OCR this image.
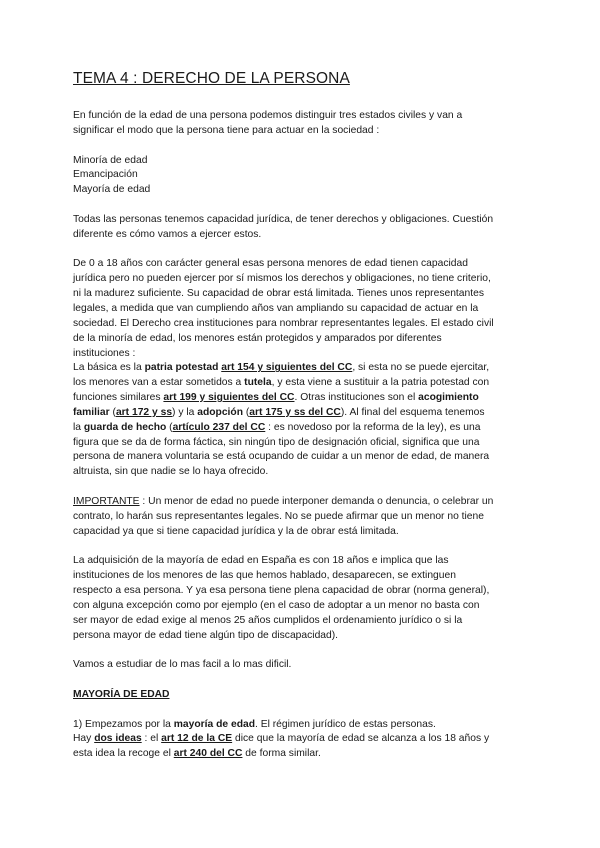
TEMA 4 : DERECHO DE LA PERSONA

En función de la edad de una persona podemos distinguir tres estados civiles y van a

significar el modo que la persona tiene para actuar en la sociedad :

Minoría de edad

Emancipación

Mayoría de edad

Todas las personas tenemos capacidad jurídica, de tener derechos y obligaciones. Cuestión

diferente es cómo vamos a ejercer estos.

De 0 a 18 años con carácter general esas persona menores de edad tienen capacidad

jurídica pero no pueden ejercer por sí mismos los derechos y obligaciones, no tiene criterio,

ni la madurez suficiente. Su capacidad de obrar está limitada. Tienes unos representantes

legales, a medida que van cumpliendo años van ampliando su capacidad de actuar en la

sociedad. El Derecho crea instituciones para nombrar representantes legales. El estado civil

de la minoría de edad, los menores están protegidos y amparados por diferentes

instituciones :

La básica es la patria potestad art 154 y siguientes del CC, si esta no se puede ejercitar,

los menores van a estar sometidos a tutela, y esta viene a sustituir a la patria potestad con

funciones similares art 199 y siguientes del CC. Otras instituciones son el acogimiento

familiar (art 172 y ss) y la adopción (art 175 y ss del CC). Al final del esquema tenemos

la guarda de hecho (artículo 237 del CC : es novedoso por la reforma de la ley), es una

figura que se da de forma fáctica, sin ningún tipo de designación oficial, significa que una

persona de manera voluntaria se está ocupando de cuidar a un menor de edad, de manera

altruista, sin que nadie se lo haya ofrecido.

IMPORTANTE : Un menor de edad no puede interponer demanda o denuncia, o celebrar un

contrato, lo harán sus representantes legales. No se puede afirmar que un menor no tiene

capacidad ya que si tiene capacidad jurídica y la de obrar está limitada.

La adquisición de la mayoría de edad en España es con 18 años e implica que las

instituciones de los menores de las que hemos hablado, desaparecen, se extinguen

respecto a esa persona. Y ya esa persona tiene plena capacidad de obrar (norma general),

con alguna excepción como por ejemplo (en el caso de adoptar a un menor no basta con

ser mayor de edad exige al menos 25 años cumplidos el ordenamiento jurídico o si la

persona mayor de edad tiene algún tipo de discapacidad).

Vamos a estudiar de lo mas facil a lo mas dificil.

MAYORÍA DE EDAD

1) Empezamos por la mayoría de edad. El régimen jurídico de estas personas.

Hay dos ideas : el art 12 de la CE dice que la mayoría de edad se alcanza a los 18 años y

esta idea la recoge el art 240 del CC de forma similar.
